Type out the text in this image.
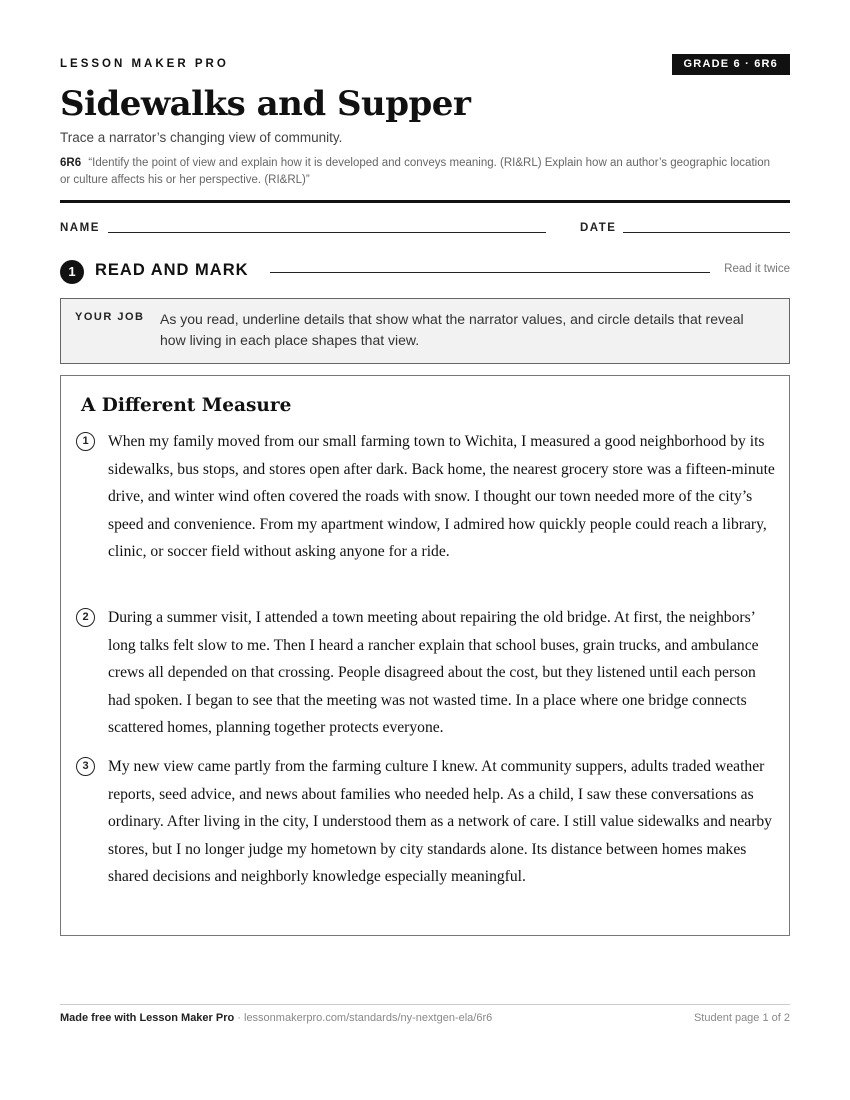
LESSON MAKER PRO	GRADE 6 · 6R6
Sidewalks and Supper
Trace a narrator’s changing view of community.
6R6 “Identify the point of view and explain how it is developed and conveys meaning. (RI&RL) Explain how an author’s geographic location or culture affects his or her perspective. (RI&RL)”
NAME	DATE
1	READ AND MARK	Read it twice
YOUR JOB As you read, underline details that show what the narrator values, and circle details that reveal how living in each place shapes that view.
A Different Measure
1	When my family moved from our small farming town to Wichita, I measured a good neighborhood by its sidewalks, bus stops, and stores open after dark. Back home, the nearest grocery store was a fifteen-minute drive, and winter wind often covered the roads with snow. I thought our town needed more of the city’s speed and convenience. From my apartment window, I admired how quickly people could reach a library, clinic, or soccer field without asking anyone for a ride.
2	During a summer visit, I attended a town meeting about repairing the old bridge. At first, the neighbors’ long talks felt slow to me. Then I heard a rancher explain that school buses, grain trucks, and ambulance crews all depended on that crossing. People disagreed about the cost, but they listened until each person had spoken. I began to see that the meeting was not wasted time. In a place where one bridge connects scattered homes, planning together protects everyone.
3	My new view came partly from the farming culture I knew. At community suppers, adults traded weather reports, seed advice, and news about families who needed help. As a child, I saw these conversations as ordinary. After living in the city, I understood them as a network of care. I still value sidewalks and nearby stores, but I no longer judge my hometown by city standards alone. Its distance between homes makes shared decisions and neighborly knowledge especially meaningful.
Made free with Lesson Maker Pro · lessonmakerpro.com/standards/ny-nextgen-ela/6r6	Student page 1 of 2
